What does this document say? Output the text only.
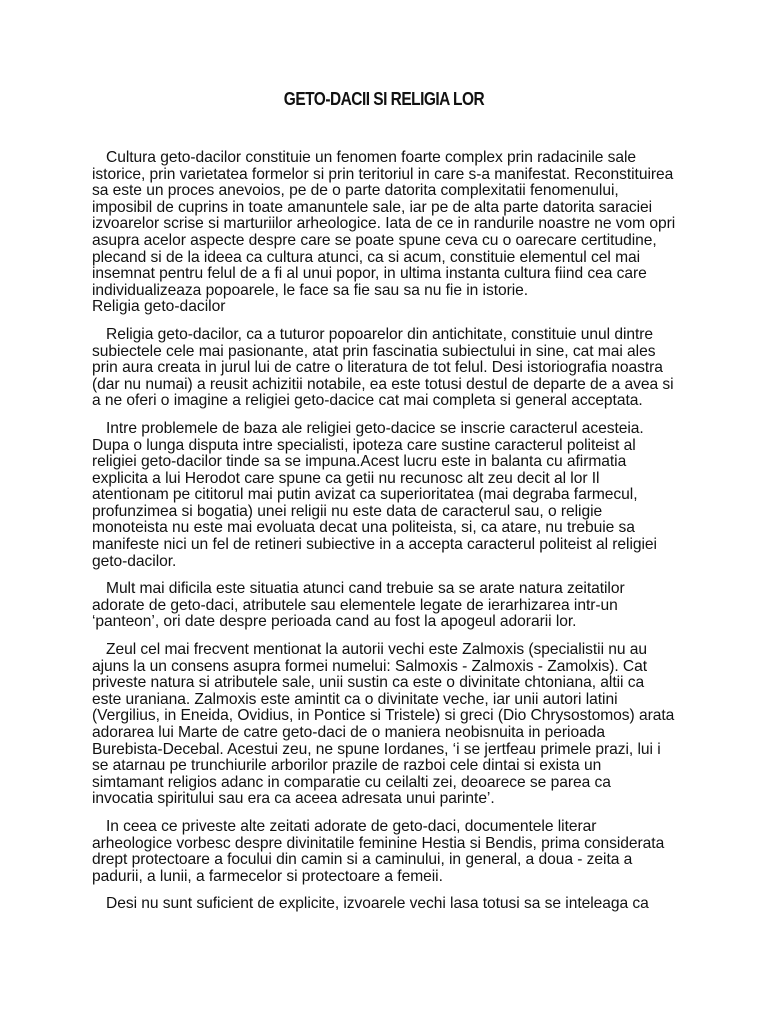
GETO-DACII SI RELIGIA LOR

Cultura geto-dacilor constituie un fenomen foarte complex prin radacinile sale istorice, prin varietatea formelor si prin teritoriul in care s-a manifestat. Reconstituirea sa este un proces anevoios, pe de o parte datorita complexitatii fenomenului, imposibil de cuprins in toate amanuntele sale, iar pe de alta parte datorita saraciei izvoarelor scrise si marturiilor arheologice. Iata de ce in randurile noastre ne vom opri asupra acelor aspecte despre care se poate spune ceva cu o oarecare certitudine, plecand si de la ideea ca cultura atunci, ca si acum, constituie elementul cel mai insemnat pentru felul de a fi al unui popor, in ultima instanta cultura fiind cea care individualizeaza popoarele, le face sa fie sau sa nu fie in istorie.

Religia geto-dacilor

Religia geto-dacilor, ca a tuturor popoarelor din antichitate, constituie unul dintre subiectele cele mai pasionante, atat prin fascinatia subiectului in sine, cat mai ales prin aura creata in jurul lui de catre o literatura de tot felul. Desi istoriografia noastra (dar nu numai) a reusit achizitii notabile, ea este totusi destul de departe de a avea si a ne oferi o imagine a religiei geto-dacice cat mai completa si general acceptata.

Intre problemele de baza ale religiei geto-dacice se inscrie caracterul acesteia. Dupa o lunga disputa intre specialisti, ipoteza care sustine caracterul politeist al religiei geto-dacilor tinde sa se impuna.Acest lucru este in balanta cu afirmatia explicita a lui Herodot care spune ca getii nu recunosc alt zeu decit al lor Il atentionam pe cititorul mai putin avizat ca superioritatea (mai degraba farmecul, profunzimea si bogatia) unei religii nu este data de caracterul sau, o religie monoteista nu este mai evoluata decat una politeista, si, ca atare, nu trebuie sa manifeste nici un fel de retineri subiective in a accepta caracterul politeist al religiei geto-dacilor.

Mult mai dificila este situatia atunci cand trebuie sa se arate natura zeitatilor adorate de geto-daci, atributele sau elementele legate de ierarhizarea intr-un ‘panteon’, ori date despre perioada cand au fost la apogeul adorarii lor.

Zeul cel mai frecvent mentionat la autorii vechi este Zalmoxis (specialistii nu au ajuns la un consens asupra formei numelui: Salmoxis - Zalmoxis - Zamolxis). Cat priveste natura si atributele sale, unii sustin ca este o divinitate chtoniana, altii ca este uraniana. Zalmoxis este amintit ca o divinitate veche, iar unii autori latini (Vergilius, in Eneida, Ovidius, in Pontice si Tristele) si greci (Dio Chrysostomos) arata adorarea lui Marte de catre geto-daci de o maniera neobisnuita in perioada Burebista-Decebal. Acestui zeu, ne spune Iordanes, ‘i se jertfeau primele prazi, lui i se atarnau pe trunchiurile arborilor prazile de razboi cele dintai si exista un simtamant religios adanc in comparatie cu ceilalti zei, deoarece se parea ca invocatia spiritului sau era ca aceea adresata unui parinte’.

In ceea ce priveste alte zeitati adorate de geto-daci, documentele literar arheologice vorbesc despre divinitatile feminine Hestia si Bendis, prima considerata drept protectoare a focului din camin si a caminului, in general, a doua - zeita a padurii, a lunii, a farmecelor si protectoare a femeii.

Desi nu sunt suficient de explicite, izvoarele vechi lasa totusi sa se inteleaga ca
